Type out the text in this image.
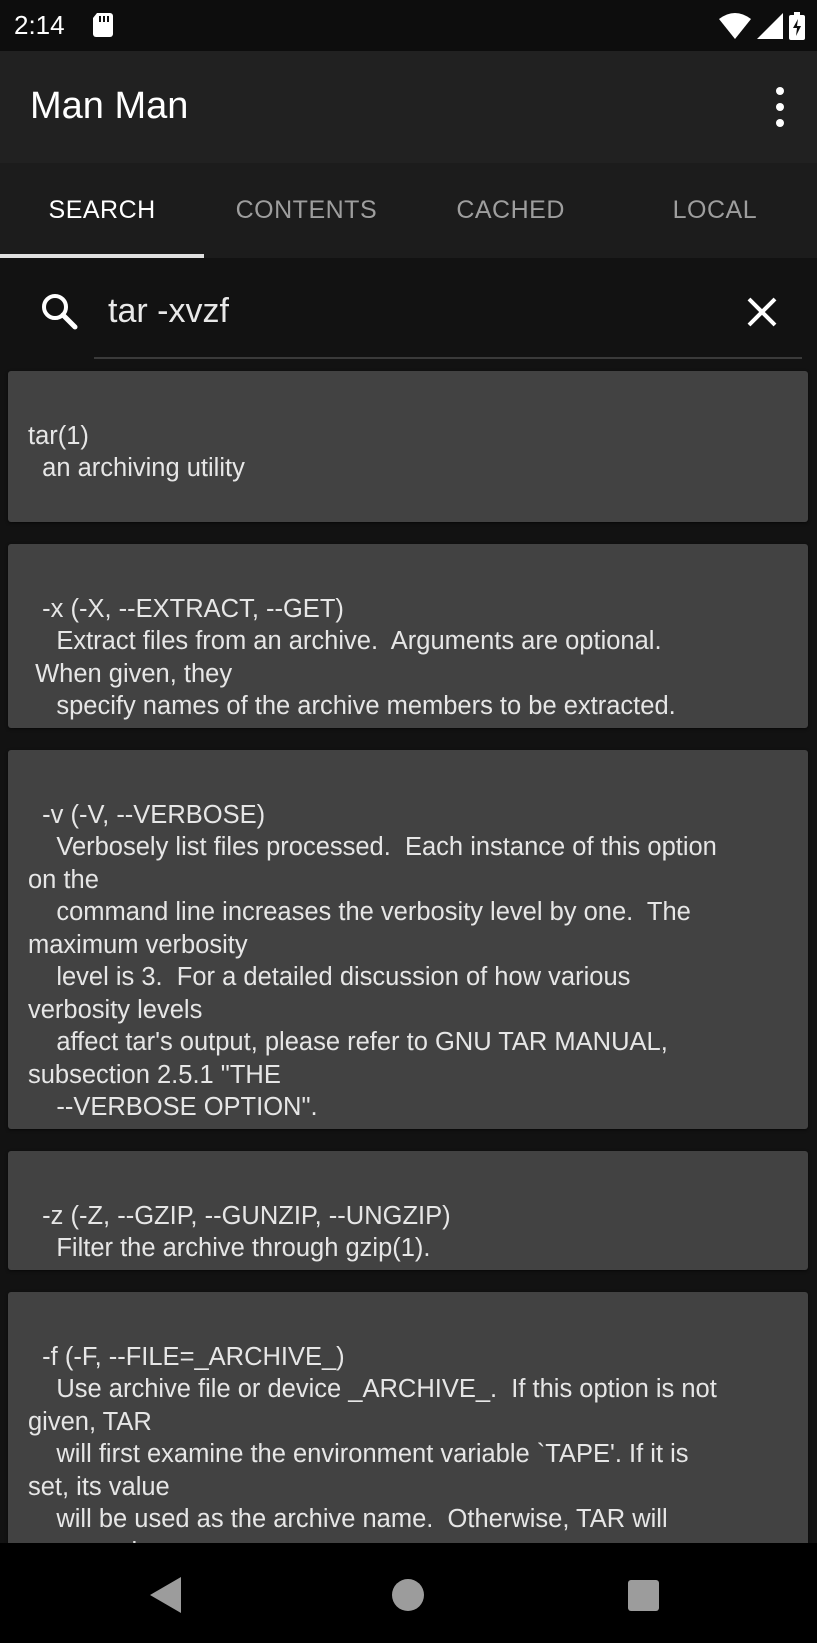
2:14
Man Man
SEARCH	CONTENTS	CACHED	LOCAL
tar -xvzf

tar(1)
an archiving utility

-x (-X, --EXTRACT, --GET)
Extract files from an archive.  Arguments are optional.
When given, they
specify names of the archive members to be extracted.

-v (-V, --VERBOSE)
Verbosely list files processed.  Each instance of this option
on the
command line increases the verbosity level by one.  The
maximum verbosity
level is 3.  For a detailed discussion of how various
verbosity levels
affect tar's output, please refer to GNU TAR MANUAL,
subsection 2.5.1 "THE
--VERBOSE OPTION".

-z (-Z, --GZIP, --GUNZIP, --UNGZIP)
Filter the archive through gzip(1).

-f (-F, --FILE=_ARCHIVE_)
Use archive file or device _ARCHIVE_.  If this option is not
given, TAR
will first examine the environment variable `TAPE'. If it is
set, its value
will be used as the archive name.  Otherwise, TAR will
